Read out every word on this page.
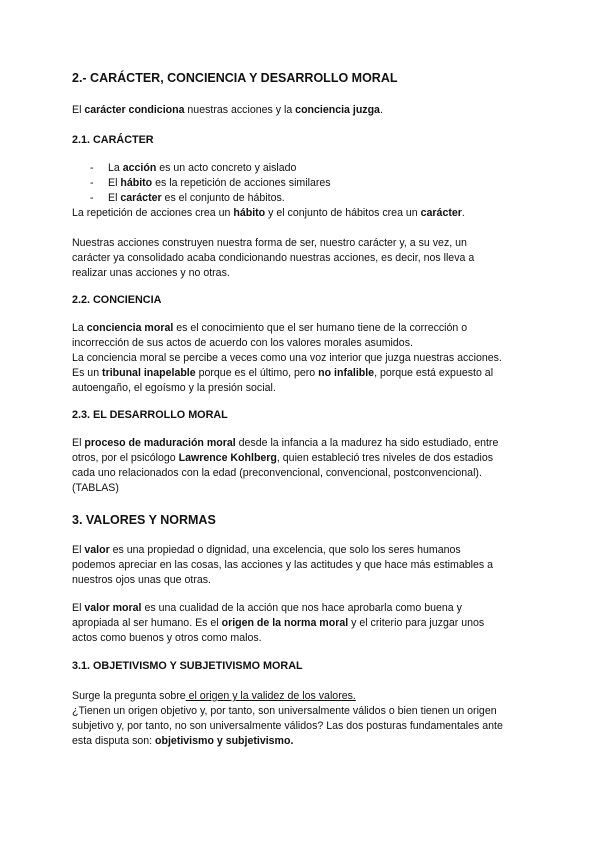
2.- CARÁCTER, CONCIENCIA Y DESARROLLO MORAL

El carácter condiciona nuestras acciones y la conciencia juzga.

2.1. CARÁCTER
- La acción es un acto concreto y aislado
- El hábito es la repetición de acciones similares
- El carácter es el conjunto de hábitos.

La repetición de acciones crea un hábito y el conjunto de hábitos crea un carácter.

Nuestras acciones construyen nuestra forma de ser, nuestro carácter y, a su vez, un
carácter ya consolidado acaba condicionando nuestras acciones, es decir, nos lleva a
realizar unas acciones y no otras.

2.2. CONCIENCIA

La conciencia moral es el conocimiento que el ser humano tiene de la corrección o
incorrección de sus actos de acuerdo con los valores morales asumidos.
La conciencia moral se percibe a veces como una voz interior que juzga nuestras acciones.
Es un tribunal inapelable porque es el último, pero no infalible, porque está expuesto al
autoengaño, el egoísmo y la presión social.

2.3. EL DESARROLLO MORAL

El proceso de maduración moral desde la infancia a la madurez ha sido estudiado, entre
otros, por el psicólogo Lawrence Kohlberg, quien estableció tres niveles de dos estadios
cada uno relacionados con la edad (preconvencional, convencional, postconvencional).
(TABLAS)

3. VALORES Y NORMAS

El valor es una propiedad o dignidad, una excelencia, que solo los seres humanos
podemos apreciar en las cosas, las acciones y las actitudes y que hace más estimables a
nuestros ojos unas que otras.

El valor moral es una cualidad de la acción que nos hace aprobarla como buena y
apropiada al ser humano. Es el origen de la norma moral y el criterio para juzgar unos
actos como buenos y otros como malos.

3.1. OBJETIVISMO Y SUBJETIVISMO MORAL

Surge la pregunta sobre el origen y la validez de los valores.
¿Tienen un origen objetivo y, por tanto, son universalmente válidos o bien tienen un origen
subjetivo y, por tanto, no son universalmente válidos? Las dos posturas fundamentales ante
esta disputa son: objetivismo y subjetivismo.
